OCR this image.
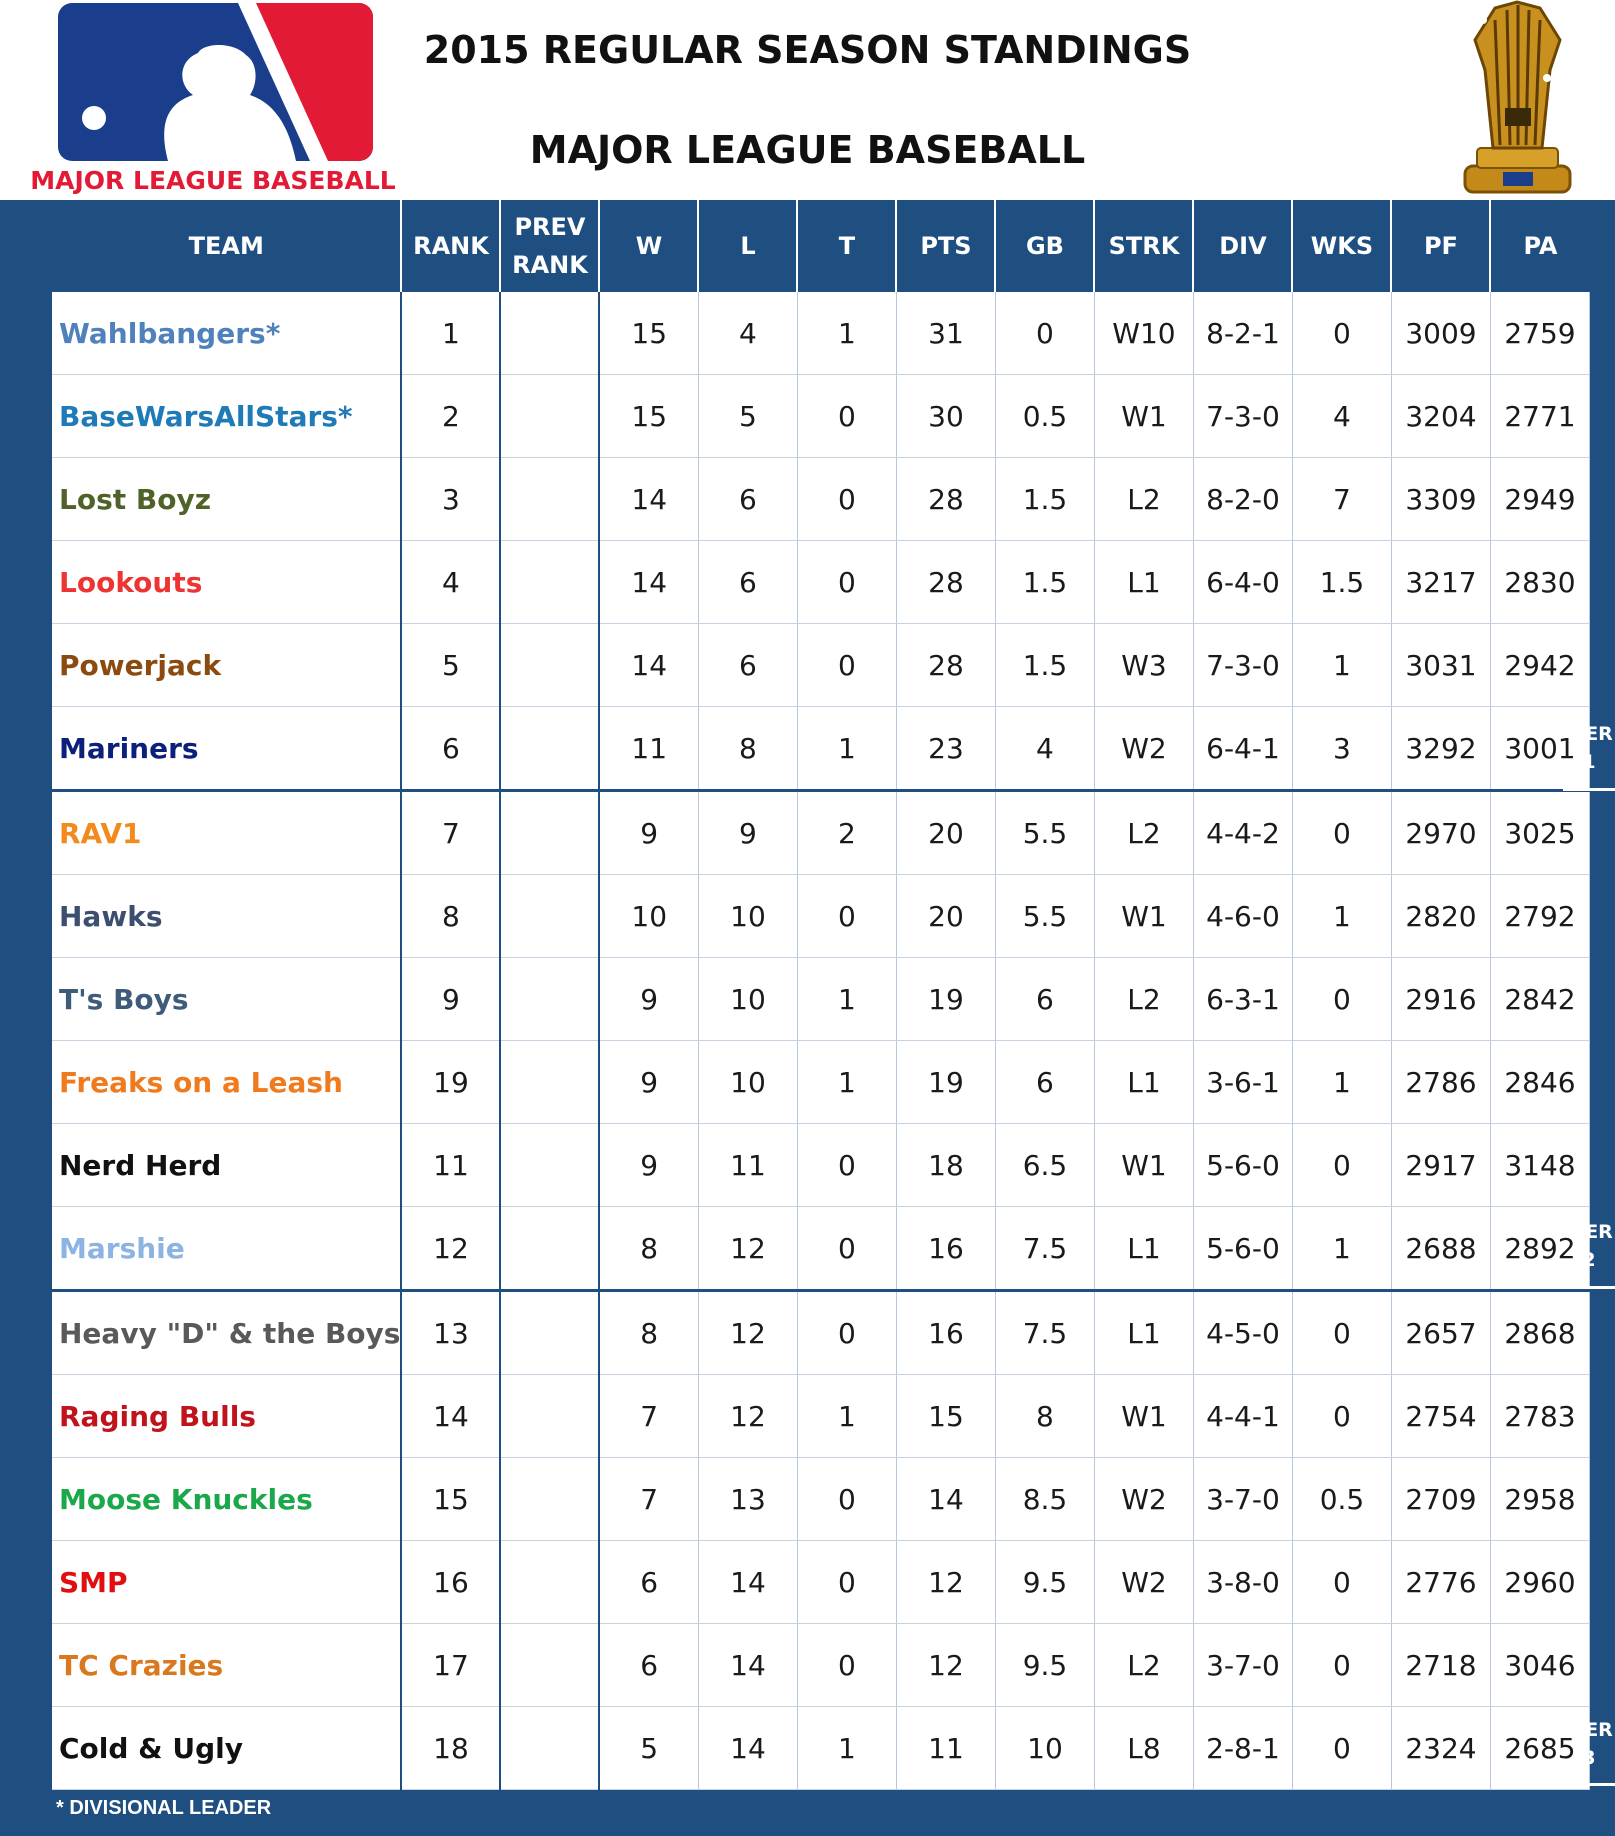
MAJOR LEAGUE BASEBALL
2015 REGULAR SEASON STANDINGS
MAJOR LEAGUE BASEBALL
TEAM	RANK	PREV RANK	W	L	T	PTS	GB	STRK	DIV	WKS	PF	PA
Wahlbangers*	1		15	4	1	31	0	W10	8-2-1	0	3009	2759
BaseWarsAllStars*	2		15	5	0	30	0.5	W1	7-3-0	4	3204	2771
Lost Boyz	3		14	6	0	28	1.5	L2	8-2-0	7	3309	2949
Lookouts	4		14	6	0	28	1.5	L1	6-4-0	1.5	3217	2830
Powerjack	5		14	6	0	28	1.5	W3	7-3-0	1	3031	2942
Mariners	6		11	8	1	23	4	W2	6-4-1	3	3292	3001
RAV1	7		9	9	2	20	5.5	L2	4-4-2	0	2970	3025
Hawks	8		10	10	0	20	5.5	W1	4-6-0	1	2820	2792
T's Boys	9		9	10	1	19	6	L2	6-3-1	0	2916	2842
Freaks on a Leash	19		9	10	1	19	6	L1	3-6-1	1	2786	2846
Nerd Herd	11		9	11	0	18	6.5	W1	5-6-0	0	2917	3148
Marshie	12		8	12	0	16	7.5	L1	5-6-0	1	2688	2892
Heavy "D" & the Boys	13		8	12	0	16	7.5	L1	4-5-0	0	2657	2868
Raging Bulls	14		7	12	1	15	8	W1	4-4-1	0	2754	2783
Moose Knuckles	15		7	13	0	14	8.5	W2	3-7-0	0.5	2709	2958
SMP	16		6	14	0	12	9.5	W2	3-8-0	0	2776	2960
TC Crazies	17		6	14	0	12	9.5	L2	3-7-0	0	2718	3046
Cold & Ugly	18		5	14	1	11	10	L8	2-8-1	0	2324	2685
TIER
1
TIER
2
TIER
3
* DIVISIONAL LEADER
